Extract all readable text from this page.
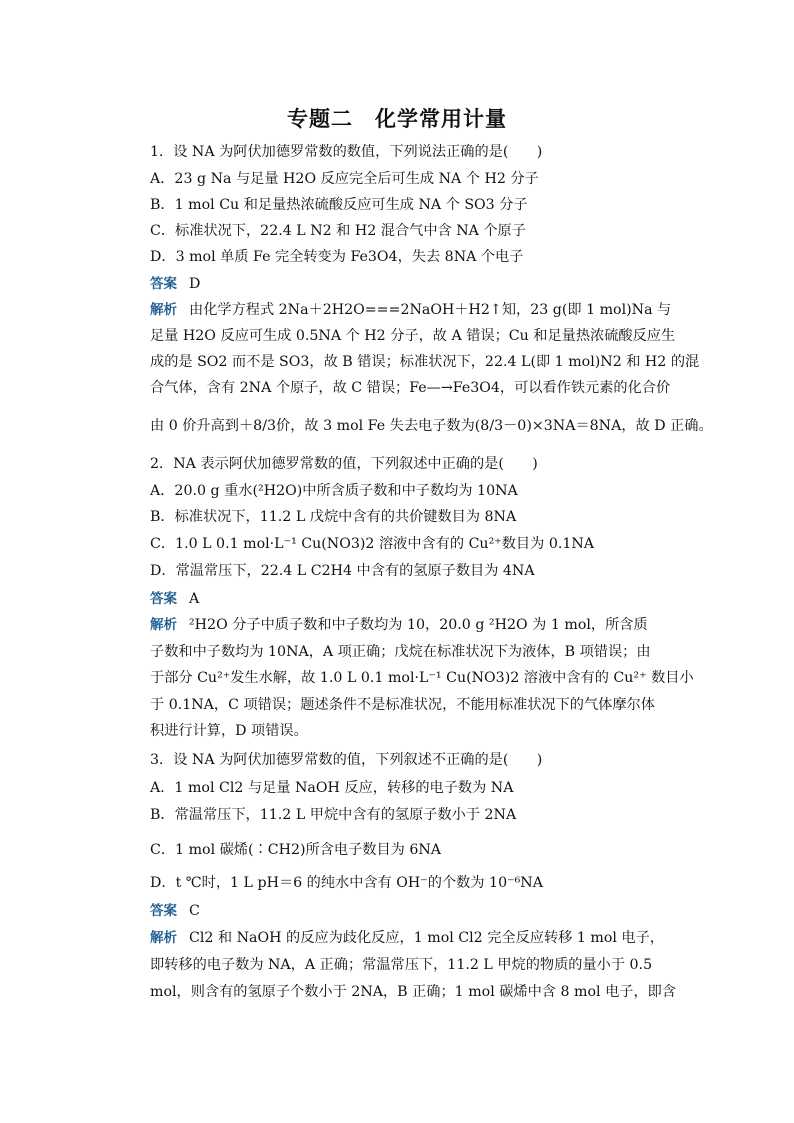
专题二　化学常用计量
1．设 NA 为阿伏加德罗常数的数值，下列说法正确的是(　　)
A．23 g Na 与足量 H2O 反应完全后可生成 NA 个 H2 分子
B．1 mol Cu 和足量热浓硫酸反应可生成 NA 个 SO3 分子
C．标准状况下，22.4 L N2 和 H2 混合气中含 NA 个原子
D．3 mol 单质 Fe 完全转变为 Fe3O4，失去 8NA 个电子
答案 D
解析 由化学方程式 2Na＋2H2O===2NaOH＋H2↑知，23 g(即 1 mol)Na 与
足量 H2O 反应可生成 0.5NA 个 H2 分子，故 A 错误；Cu 和足量热浓硫酸反应生
成的是 SO2 而不是 SO3，故 B 错误；标准状况下，22.4 L(即 1 mol)N2 和 H2 的混
合气体，含有 2NA 个原子，故 C 错误；Fe—→Fe3O4，可以看作铁元素的化合价
由 0 价升高到＋8/3价，故 3 mol Fe 失去电子数为(8/3－0)×3NA＝8NA，故 D 正确。
2．NA 表示阿伏加德罗常数的值，下列叙述中正确的是(　　)
A．20.0 g 重水(²H2O)中所含质子数和中子数均为 10NA
B．标准状况下，11.2 L 戊烷中含有的共价键数目为 8NA
C．1.0 L 0.1 mol·L⁻¹ Cu(NO3)2 溶液中含有的 Cu²⁺数目为 0.1NA
D．常温常压下，22.4 L C2H4 中含有的氢原子数目为 4NA
答案 A
解析 ²H2O 分子中质子数和中子数均为 10，20.0 g ²H2O 为 1 mol，所含质
子数和中子数均为 10NA，A 项正确；戊烷在标准状况下为液体，B 项错误；由
于部分 Cu²⁺发生水解，故 1.0 L 0.1 mol·L⁻¹ Cu(NO3)2 溶液中含有的 Cu²⁺ 数目小
于 0.1NA，C 项错误；题述条件不是标准状况，不能用标准状况下的气体摩尔体
积进行计算，D 项错误。
3．设 NA 为阿伏加德罗常数的值，下列叙述不正确的是(　　)
A．1 mol Cl2 与足量 NaOH 反应，转移的电子数为 NA
B．常温常压下，11.2 L 甲烷中含有的氢原子数小于 2NA
C．1 mol 碳烯(∶CH2)所含电子数目为 6NA
D．t ℃时，1 L pH＝6 的纯水中含有 OH⁻的个数为 10⁻⁶NA
答案 C
解析 Cl2 和 NaOH 的反应为歧化反应，1 mol Cl2 完全反应转移 1 mol 电子，
即转移的电子数为 NA，A 正确；常温常压下，11.2 L 甲烷的物质的量小于 0.5
mol，则含有的氢原子个数小于 2NA，B 正确；1 mol 碳烯中含 8 mol 电子，即含
